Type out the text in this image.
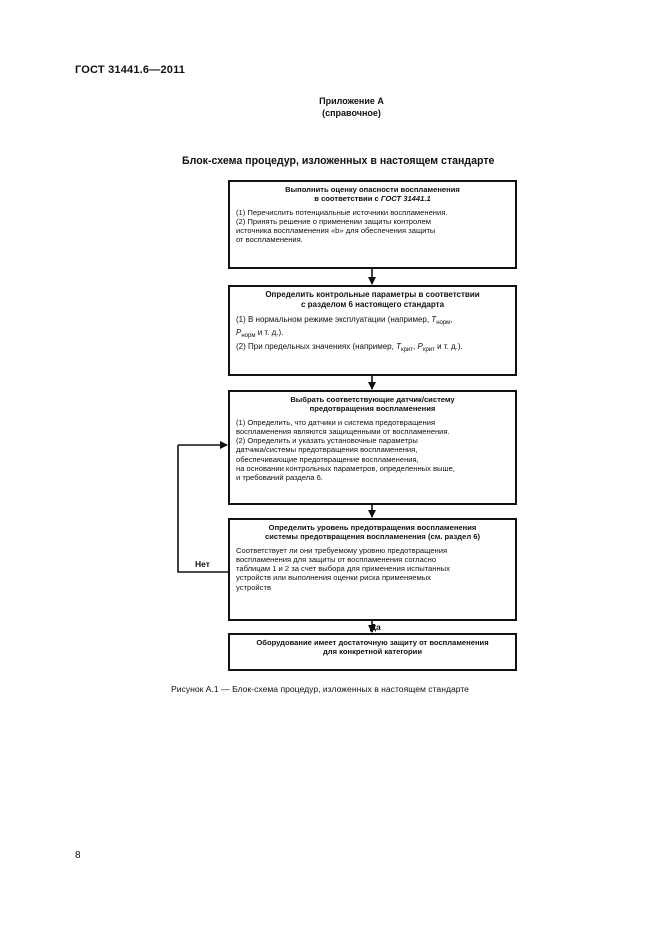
ГОСТ 31441.6—2011
Приложение А
(справочное)
Блок-схема процедур, изложенных в настоящем стандарте
Выполнить оценку опасности воспламенения
в соответствии с ГОСТ 31441.1
(1) Перечислить потенциальные источники воспламенения.
(2) Принять решение о применении защиты контролем
источника воспламенения «b» для обеспечения защиты
от воспламенения.
Определить контрольные параметры в соответствии
с разделом 6 настоящего стандарта
(1) В нормальном режиме эксплуатации (например, $T_{норм}$,
$P_{норм}$ и т. д.).
(2) При предельных значениях (например, $T_{крит}$, $P_{крит}$ и т. д.).
Выбрать соответствующие датчик/систему
предотвращения воспламенения
(1) Определить, что датчики и система предотвращения
воспламенения являются защищенными от воспламенения.
(2) Определить и указать установочные параметры
датчика/системы предотвращения воспламенения,
обеспечивающие предотвращение воспламенения,
на основании контрольных параметров, определенных выше,
и требований раздела 6.
Определить уровень предотвращения воспламенения
системы предотвращения воспламенения (см. раздел 6)
Соответствует ли они требуемому уровню предотвращения
воспламенения для защиты от воспламенения согласно
таблицам 1 и 2 за счет выбора для применения испытанных
устройств или выполнения оценки риска применяемых
устройств
Оборудование имеет достаточную защиту от воспламенения
для конкретной категории
Нет
Да
Рисунок А.1 — Блок-схема процедур, изложенных в настоящем стандарте
8
